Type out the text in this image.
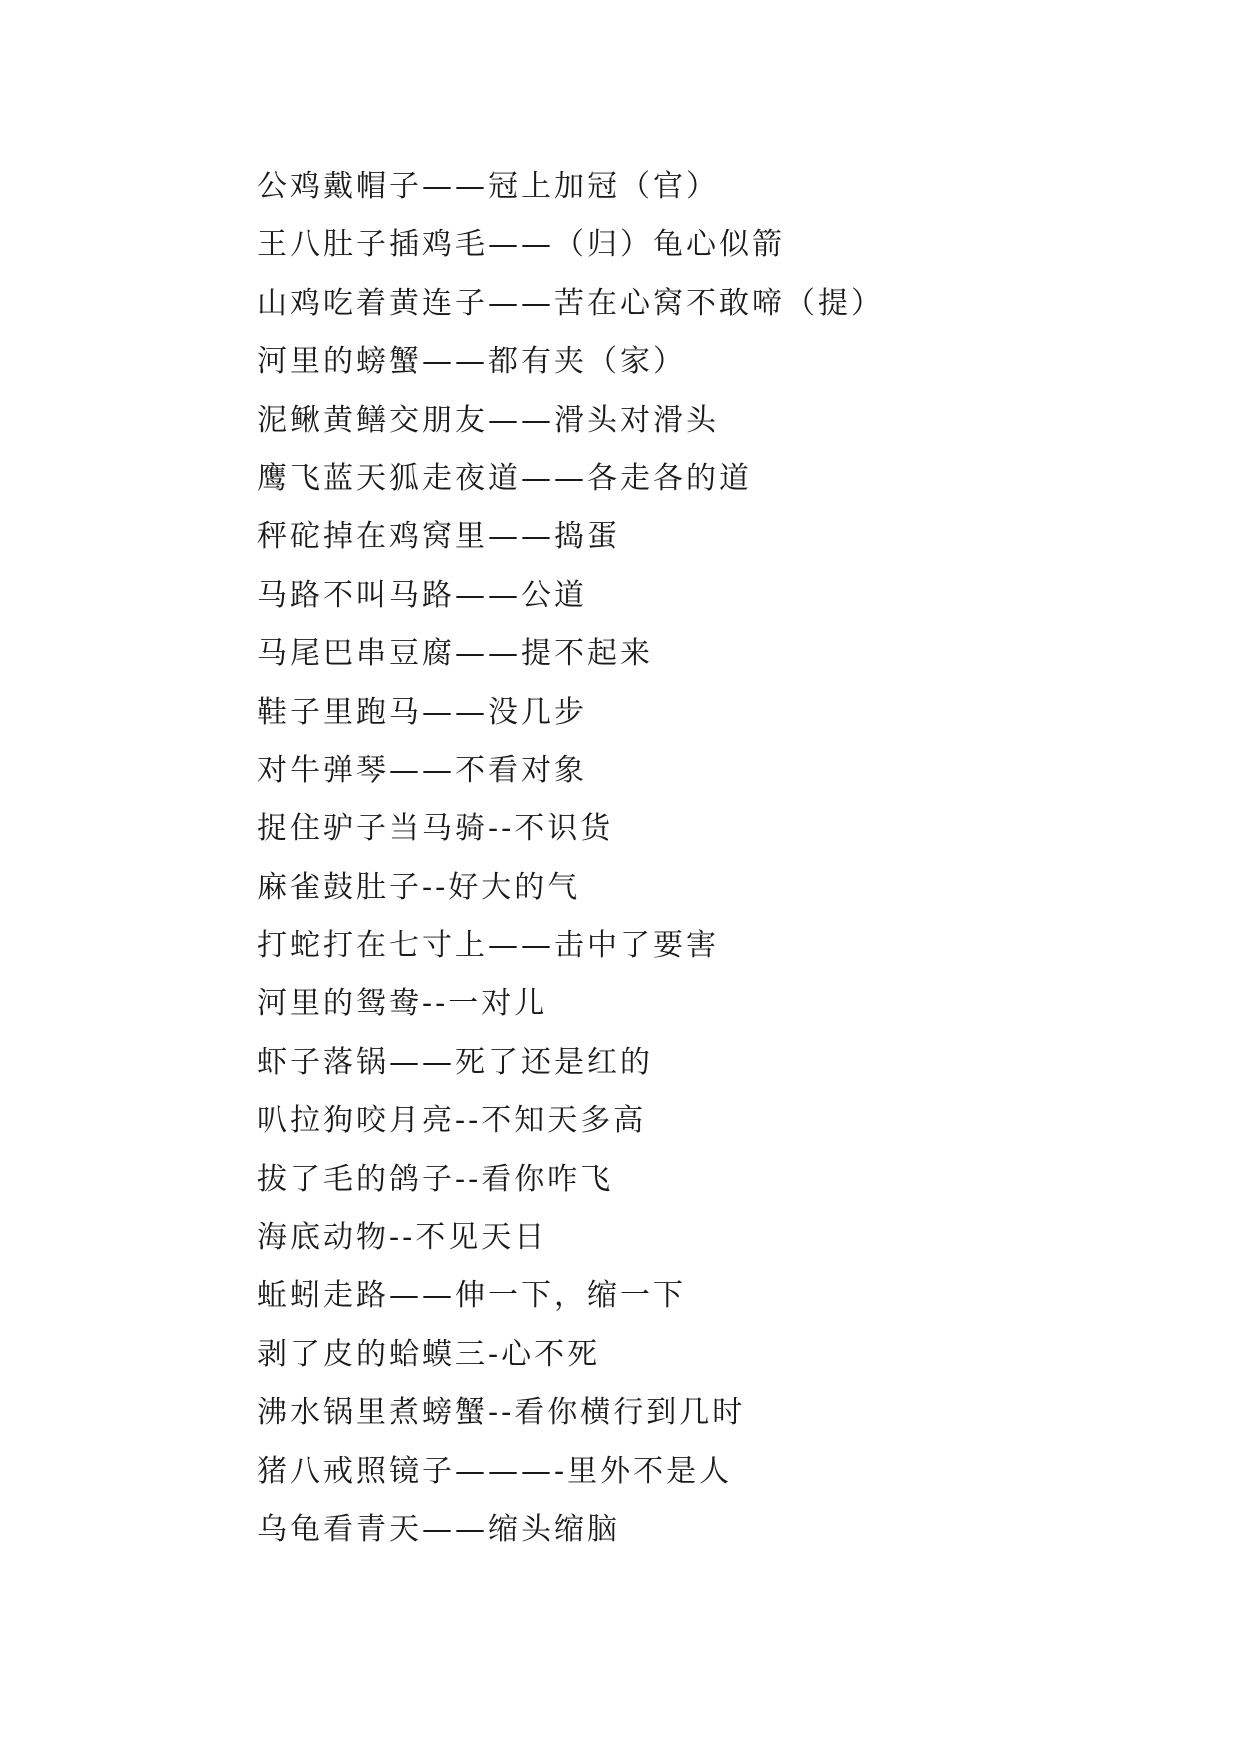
公鸡戴帽子——冠上加冠（官）
王八肚子插鸡毛——（归）龟心似箭
山鸡吃着黄连子——苦在心窝不敢啼（提）
河里的螃蟹——都有夹（家）
泥鳅黄鳝交朋友——滑头对滑头
鹰飞蓝天狐走夜道——各走各的道
秤砣掉在鸡窝里——捣蛋
马路不叫马路——公道
马尾巴串豆腐——提不起来
鞋子里跑马——没几步
对牛弹琴——不看对象
捉住驴子当马骑--不识货
麻雀鼓肚子--好大的气
打蛇打在七寸上——击中了要害
河里的鸳鸯--一对儿
虾子落锅——死了还是红的
叭拉狗咬月亮--不知天多高
拔了毛的鸽子--看你咋飞
海底动物--不见天日
蚯蚓走路——伸一下，缩一下
剥了皮的蛤蟆三-心不死
沸水锅里煮螃蟹--看你横行到几时
猪八戒照镜子———-里外不是人
乌龟看青天——缩头缩脑
